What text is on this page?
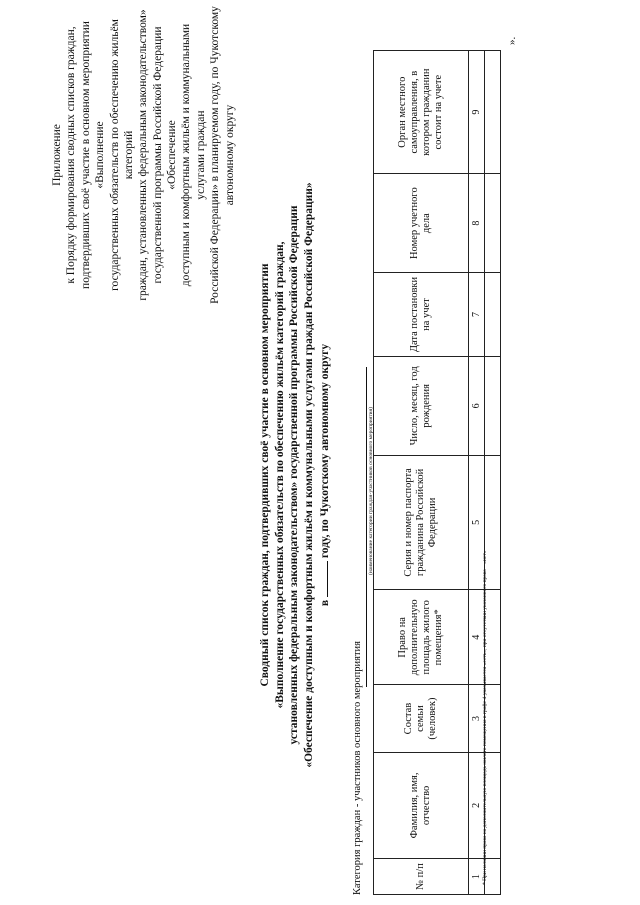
Приложение к Порядку формирования сводных списков граждан, подтвердивших своё участие в основном мероприятии «Выполнение государственных обязательств по обеспечению жильём категорий граждан, установленных федеральным законодательством» государственной программы Российской Федерации «Обеспечение доступным и комфортным жильём и коммунальными услугами граждан Российской Федерации» в планируемом году, по Чукотскому автономному округу
Сводный список граждан, подтвердивших своё участие в основном мероприятии «Выполнение государственных обязательств по обеспечению жильём категорий граждан, установленных федеральным законодательством» государственной программы Российской Федерации «Обеспечение доступным и комфортным жильём и коммунальными услугами граждан Российской Федерации» в  году, по Чукотскому автономному округу
Категория граждан - участников основного мероприятия
(наименование категории граждан-участников основного мероприятия)
№ п/п	Фамилия, имя, отчество	Состав семьи (человек)	Право на дополнительную площадь жилого помещения*	Серия и номер паспорта гражданина Российской Федерации	Число, месяц, год рождения	Дата постановки на учет	Номер учетного дела	Орган местного самоуправления, в котором гражданин состоит на учете
1	2	3	4	5	6	7	8	9

* При наличии права на дополнительную площадь жилого помещения в графе 4 указывается «есть», при отсутствии указанного права – «нет»
».
